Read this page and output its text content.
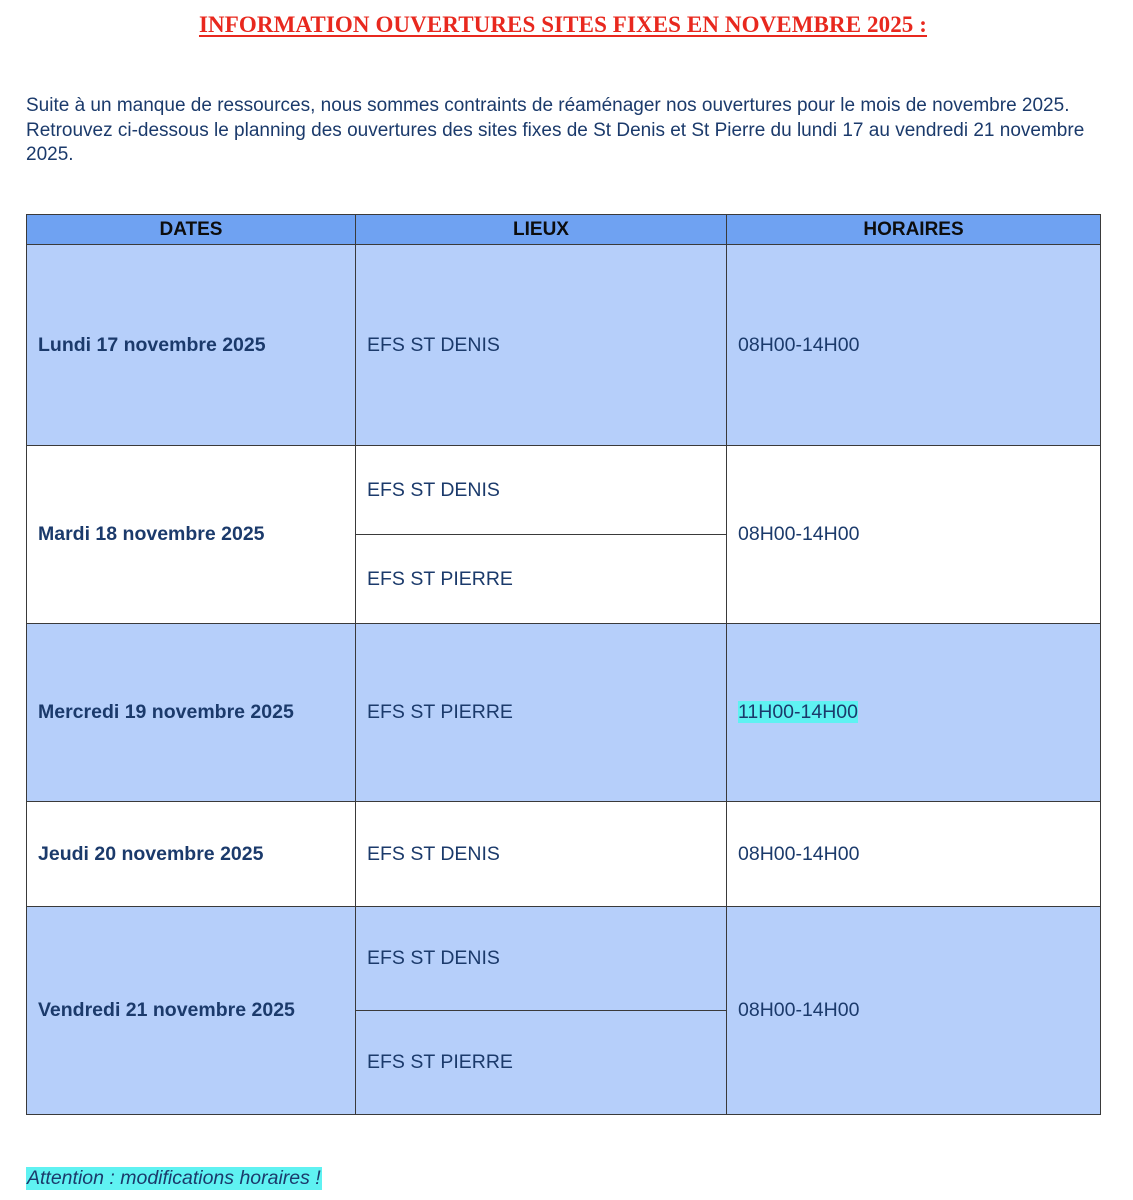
INFORMATION OUVERTURES SITES FIXES EN NOVEMBRE 2025 :
Suite à un manque de ressources, nous sommes contraints de réaménager nos ouvertures pour le mois de novembre 2025. Retrouvez ci-dessous le planning des ouvertures des sites fixes de St Denis et St Pierre du lundi 17 au vendredi 21 novembre 2025.
DATES	LIEUX	HORAIRES
Lundi 17 novembre 2025	EFS ST DENIS	08H00-14H00
Mardi 18 novembre 2025	EFS ST DENIS	08H00-14H00
	EFS ST PIERRE	
Mercredi 19 novembre 2025	EFS ST PIERRE	11H00-14H00
Jeudi 20 novembre 2025	EFS ST DENIS	08H00-14H00
Vendredi 21 novembre 2025	EFS ST DENIS	08H00-14H00
	EFS ST PIERRE	
Attention : modifications horaires !
